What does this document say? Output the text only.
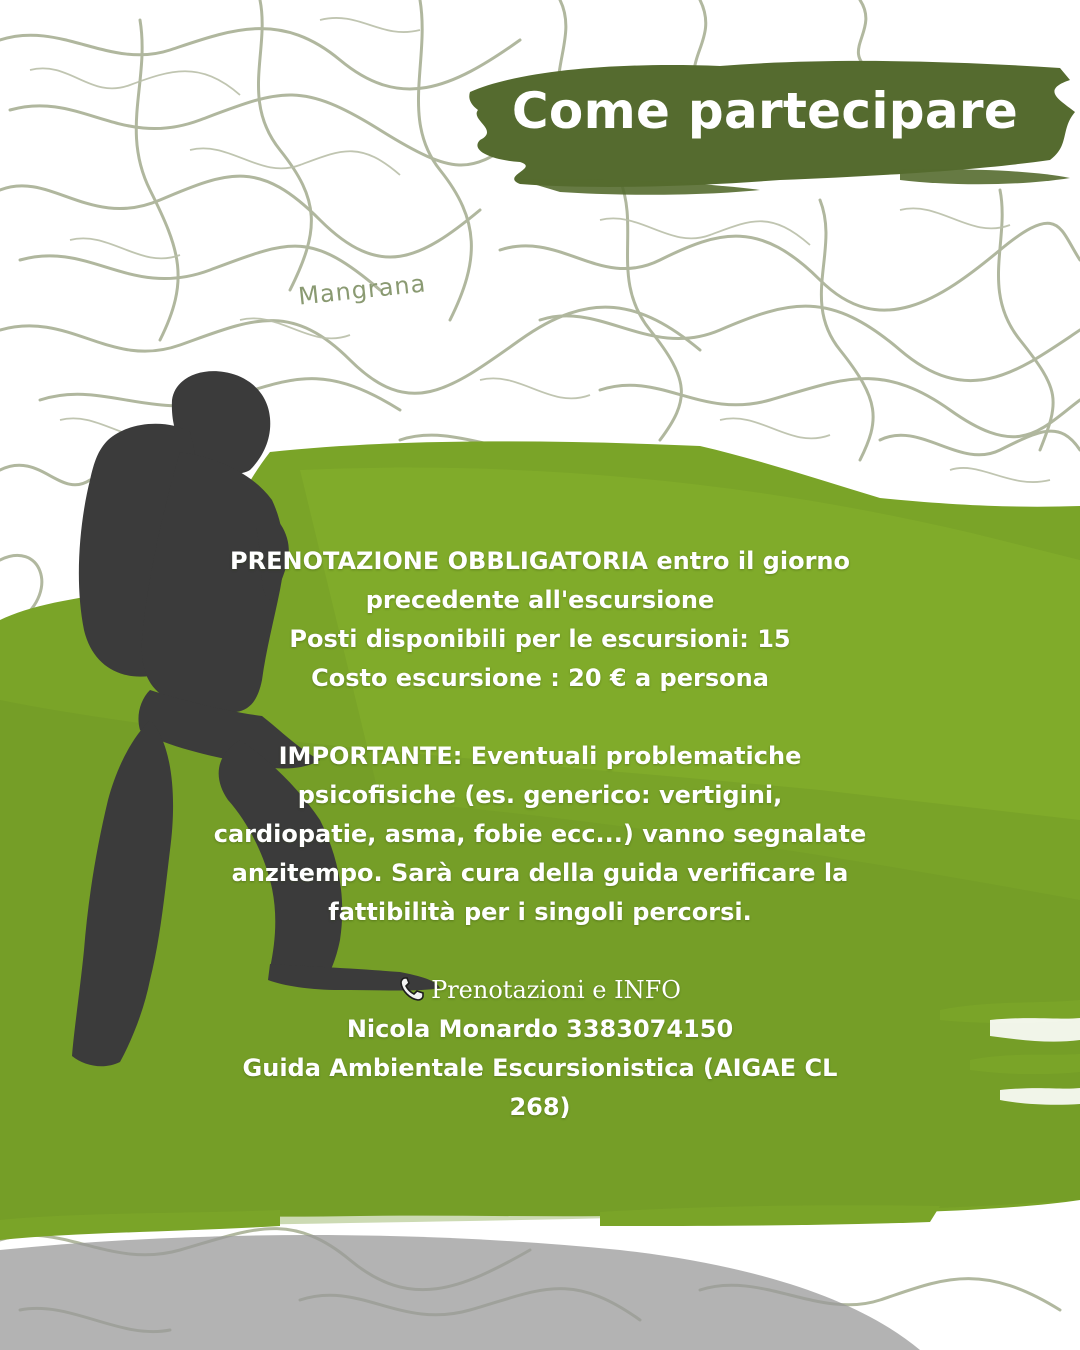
Come partecipare
Mangrana

PRENOTAZIONE OBBLIGATORIA entro il giorno

precedente all'escursione

Posti disponibili per le escursioni: 15

Costo escursione : 20 € a persona

IMPORTANTE: Eventuali problematiche

psicofisiche (es. generico: vertigini,

cardiopatie, asma, fobie ecc...) vanno segnalate

anzitempo. Sarà cura della guida verificare la

fattibilità per i singoli percorsi.

Prenotazioni e INFO

Nicola Monardo 3383074150

Guida Ambientale Escursionistica (AIGAE CL

268)
